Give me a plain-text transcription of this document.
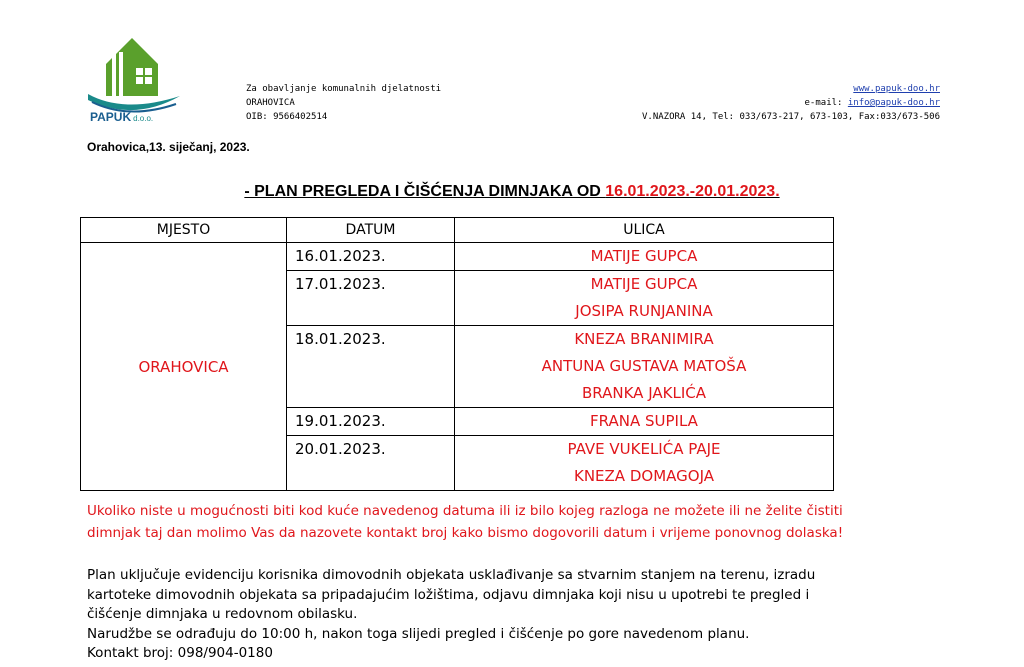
PAPUK d.o.o.
Za obavljanje komunalnih djelatnosti
ORAHOVICA
OIB: 9566402514
www.papuk-doo.hr
e-mail: info@papuk-doo.hr
V.NAZORA 14, Tel: 033/673-217, 673-103, Fax:033/673-506
Orahovica,13. siječanj, 2023.
- PLAN PREGLEDA I ČIŠĆENJA DIMNJAKA OD 16.01.2023.-20.01.2023.
MJESTO	DATUM	ULICA
ORAHOVICA	16.01.2023.	MATIJE GUPCA

	17.01.2023.	MATIJE GUPCA
JOSIPA RUNJANINA

	18.01.2023.	KNEZA BRANIMIRA
ANTUNA GUSTAVA MATOŠA
BRANKA JAKLIĆA

	19.01.2023.	FRANA SUPILA

	20.01.2023.	PAVE VUKELIĆA PAJE
KNEZA DOMAGOJA
Ukoliko niste u mogućnosti biti kod kuće navedenog datuma ili iz bilo kojeg razloga ne možete ili ne želite čistiti
dimnjak taj dan molimo Vas da nazovete kontakt broj kako bismo dogovorili datum i vrijeme ponovnog dolaska!
Plan uključuje evidenciju korisnika dimovodnih objekata usklađivanje sa stvarnim stanjem na terenu, izradu
kartoteke dimovodnih objekata sa pripadajućim ložištima, odjavu dimnjaka koji nisu u upotrebi te pregled i
čišćenje dimnjaka u redovnom obilasku.
Narudžbe se odrađuju do 10:00 h, nakon toga slijedi pregled i čišćenje po gore navedenom planu.
Kontakt broj: 098/904-0180
